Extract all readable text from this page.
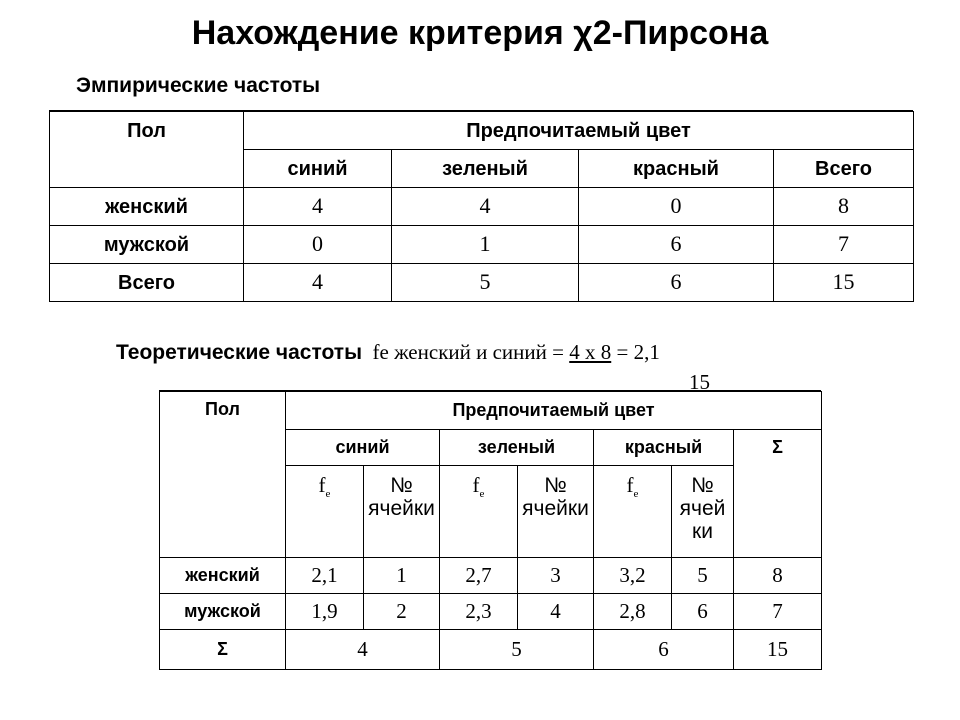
Нахождение критерия χ2-Пирсона
Эмпирические частоты
Пол	Предпочитаемый цвет			
	синий	зеленый	красный	Всего
женский	4	4	0	8
мужской	0	1	6	7
Всего	4	5	6	15
Теоретические частоты fe женский и синий = 4 х 8 = 2,1
15
Пол	Предпочитаемый цвет						
	синий		зеленый		красный		Σ
	$f_e$	№ ячейки	$f_e$	№ ячейки	$f_e$	№ ячей ки	
женский	2,1	1	2,7	3	3,2	5	8
мужской	1,9	2	2,3	4	2,8	6	7
Σ	4		5		6		15
